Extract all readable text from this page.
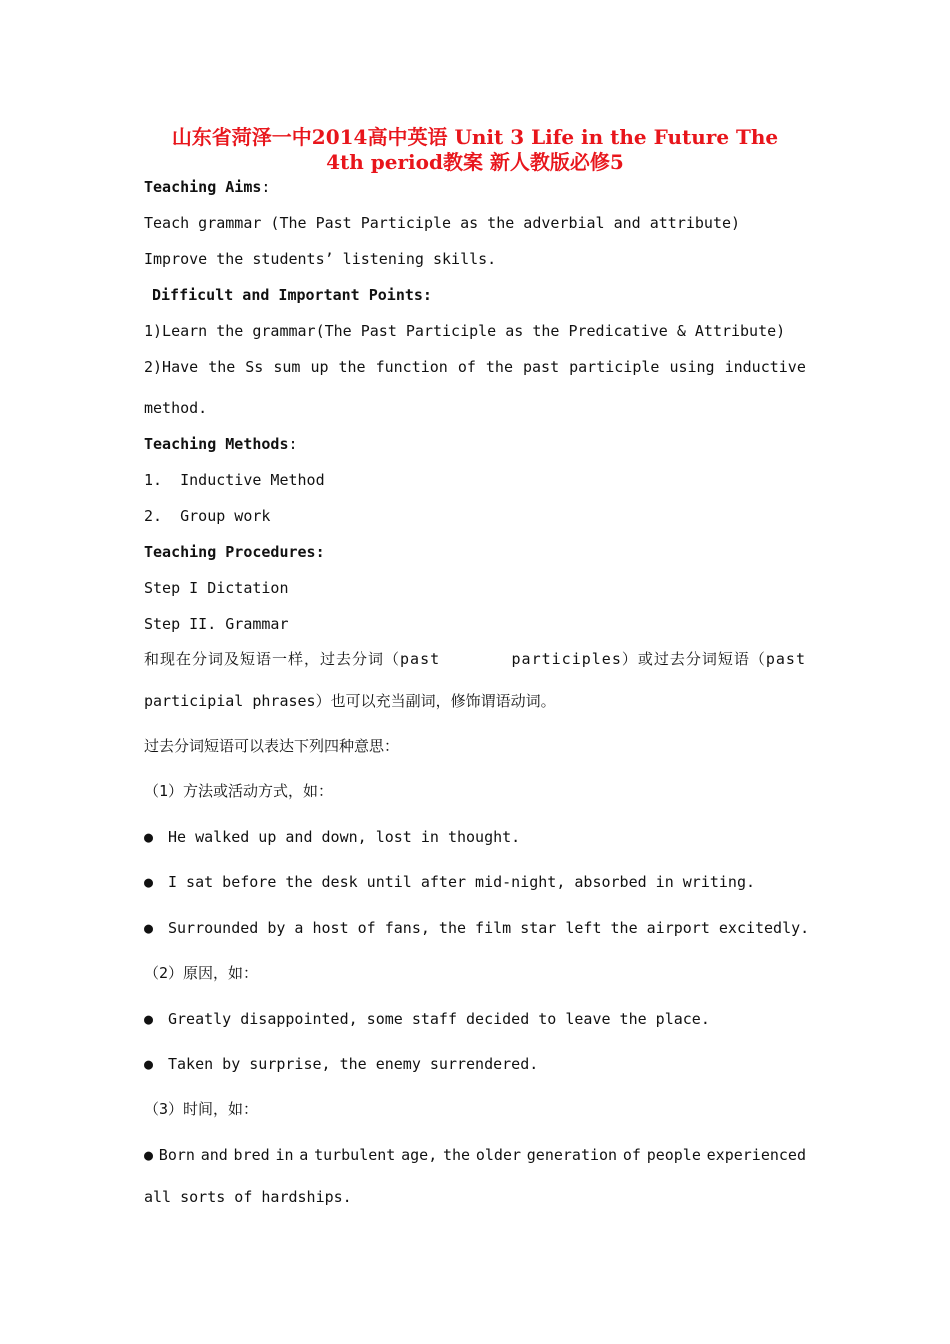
山东省菏泽一中2014高中英语 Unit 3 Life in the Future The
4th period教案 新人教版必修5
Teaching Aims:
Teach grammar (The Past Participle as the adverbial and attribute)
Improve the students’ listening skills.
Difficult and Important Points:
1)Learn the grammar(The Past Participle as the Predicative & Attribute)
2)Have the Ss sum up the function of the past participle using inductive
method.
Teaching Methods:
1.  Inductive Method
2.  Group work
Teaching Procedures:
Step I Dictation
Step II. Grammar
和现在分词及短语一样，过去分词（past	participles）或过去分词短语（past
participial phrases）也可以充当副词，修饰谓语动词。
过去分词短语可以表达下列四种意思：
（1）方法或活动方式，如：
● He walked up and down, lost in thought.
● I sat before the desk until after mid-night, absorbed in writing.
● Surrounded by a host of fans, the film star left the airport excitedly.
（2）原因，如：
● Greatly disappointed, some staff decided to leave the place.
● Taken by surprise, the enemy surrendered.
（3）时间，如：
● Born and bred in a turbulent age, the older generation of people experienced
all sorts of hardships.
